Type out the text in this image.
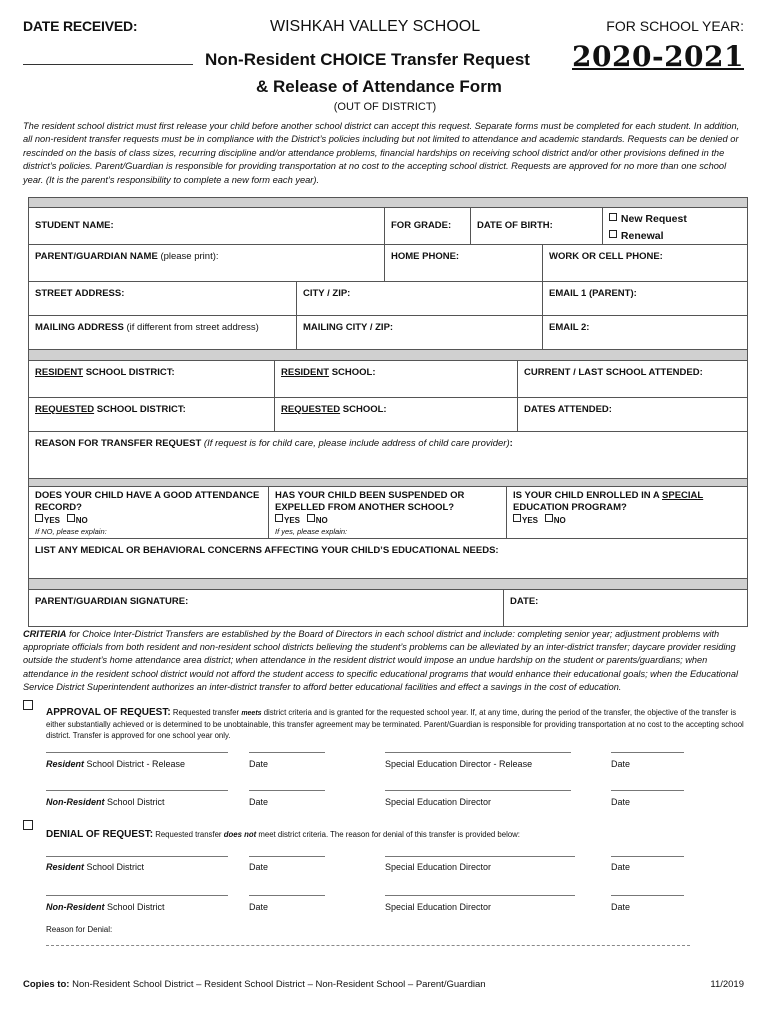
DATE RECEIVED:	WISHKAH VALLEY SCHOOL	FOR SCHOOL YEAR:
2020-2021
Non-Resident CHOICE Transfer Request
& Release of Attendance Form
(OUT OF DISTRICT)
The resident school district must first release your child before another school district can accept this request. Separate forms must be completed for each student. In addition, all non-resident transfer requests must be in compliance with the District’s policies including but not limited to attendance and academic standards. Requests can be denied or rescinded on the basis of class sizes, recurring discipline and/or attendance problems, financial hardships on receiving school district and/or other provisions defined in the district’s policies. Parent/Guardian is responsible for providing transportation at no cost to the accepting school district. Requests are approved for no more than one school year. (It is the parent’s responsibility to complete a new form each year).
STUDENT NAME:	FOR GRADE:	DATE OF BIRTH:
New Request
Renewal
PARENT/GUARDIAN NAME (please print):	HOME PHONE:	WORK OR CELL PHONE:
STREET ADDRESS:	CITY / ZIP:	EMAIL 1 (PARENT):
MAILING ADDRESS (if different from street address)	MAILING CITY / ZIP:	EMAIL 2:
RESIDENT SCHOOL DISTRICT:	RESIDENT SCHOOL:	CURRENT / LAST SCHOOL ATTENDED:
REQUESTED SCHOOL DISTRICT:	REQUESTED SCHOOL:	DATES ATTENDED:
REASON FOR TRANSFER REQUEST (If request is for child care, please include address of child care provider):
DOES YOUR CHILD HAVE A GOOD ATTENDANCE RECORD?
YES NO
If NO, please explain:
HAS YOUR CHILD BEEN SUSPENDED OR EXPELLED FROM ANOTHER SCHOOL?
YES NO
If yes, please explain:
IS YOUR CHILD ENROLLED IN A SPECIAL
EDUCATION PROGRAM?
YES NO
LIST ANY MEDICAL OR BEHAVIORAL CONCERNS AFFECTING YOUR CHILD’S EDUCATIONAL NEEDS:
PARENT/GUARDIAN SIGNATURE:	DATE:
CRITERIA for Choice Inter-District Transfers are established by the Board of Directors in each school district and include: completing senior year; adjustment problems with appropriate officials from both resident and non-resident school districts believing the student’s problems can be alleviated by an inter-district transfer; daycare provider residing outside the student’s home attendance area district; when attendance in the resident district would impose an undue hardship on the student or parents/guardians; when attendance in the resident school district would not afford the student access to specific educational programs that would enhance their educational goals; when the Educational Service District Superintendent authorizes an inter-district transfer to afford better educational facilities and effect a savings in the cost of education.
APPROVAL OF REQUEST: Requested transfer meets district criteria and is granted for the requested school year. If, at any time, during the period of the transfer, the objective of the transfer is either substantially achieved or is determined to be unobtainable, this transfer agreement may be terminated. Parent/Guardian is responsible for providing transportation at no cost to the accepting school district. Transfer is approved for one school year only.
Resident School District - Release	Date	Special Education Director - Release	Date
Non-Resident School District	Date	Special Education Director	Date
DENIAL OF REQUEST: Requested transfer does not meet district criteria. The reason for denial of this transfer is provided below:
Resident School District	Date	Special Education Director	Date
Non-Resident School District	Date	Special Education Director	Date
Reason for Denial:
Copies to: Non-Resident School District – Resident School District – Non-Resident School – Parent/Guardian	11/2019
